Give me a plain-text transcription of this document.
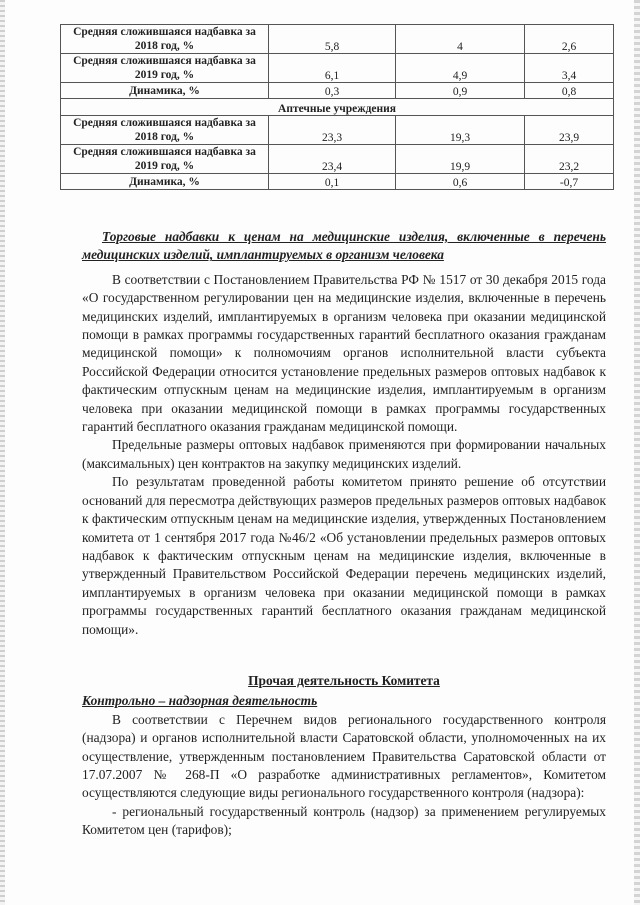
Средняя сложившаяся надбавка за 2018 год, %	5,8	4	2,6
Средняя сложившаяся надбавка за 2019 год, %	6,1	4,9	3,4
Динамика, %	0,3	0,9	0,8
Аптечные учреждения			
Средняя сложившаяся надбавка за 2018 год, %	23,3	19,3	23,9
Средняя сложившаяся надбавка за 2019 год, %	23,4	19,9	23,2
Динамика, %	0,1	0,6	-0,7

Торговые надбавки к ценам на медицинские изделия, включенные в перечень медицинских изделий, имплантируемых в организм человека

В соответствии с Постановлением Правительства РФ № 1517 от 30 декабря 2015 года «О государственном регулировании цен на медицинские изделия, включенные в перечень медицинских изделий, имплантируемых в организм человека при оказании медицинской помощи в рамках программы государственных гарантий бесплатного оказания гражданам медицинской помощи» к полномочиям органов исполнительной власти субъекта Российской Федерации относится установление предельных размеров оптовых надбавок к фактическим отпускным ценам на медицинские изделия, имплантируемым в организм человека при оказании медицинской помощи в рамках программы государственных гарантий бесплатного оказания гражданам медицинской помощи.

Предельные размеры оптовых надбавок применяются при формировании начальных (максимальных) цен контрактов на закупку медицинских изделий.

По результатам проведенной работы комитетом принято решение об отсутствии оснований для пересмотра действующих размеров предельных размеров оптовых надбавок к фактическим отпускным ценам на медицинские изделия, утвержденных Постановлением комитета от 1 сентября 2017 года №46/2 «Об установлении предельных размеров оптовых надбавок к фактическим отпускным ценам на медицинские изделия, включенные в утвержденный Правительством Российской Федерации перечень медицинских изделий, имплантируемых в организм человека при оказании медицинской помощи в рамках программы государственных гарантий бесплатного оказания гражданам медицинской помощи».

Прочая деятельность Комитета

Контрольно – надзорная деятельность

В соответствии с Перечнем видов регионального государственного контроля (надзора) и органов исполнительной власти Саратовской области, уполномоченных на их осуществление, утвержденным постановлением Правительства Саратовской области от 17.07.2007 № 268-П «О разработке административных регламентов», Комитетом осуществляются следующие виды регионального государственного контроля (надзора):

- региональный государственный контроль (надзор) за применением регулируемых Комитетом цен (тарифов);
